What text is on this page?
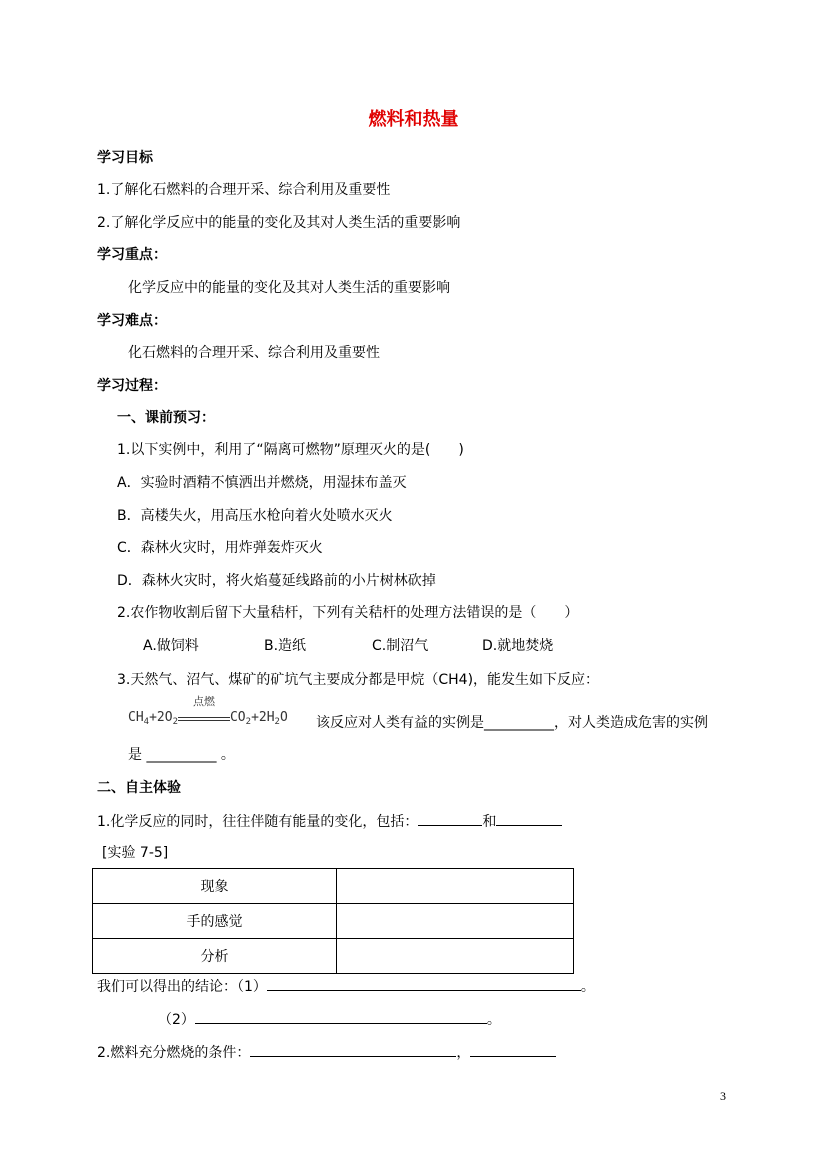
燃料和热量
学习目标
1.了解化石燃料的合理开采、综合利用及重要性
2.了解化学反应中的能量的变化及其对人类生活的重要影响
学习重点：
化学反应中的能量的变化及其对人类生活的重要影响
学习难点：
化石燃料的合理开采、综合利用及重要性
学习过程：
一、课前预习：
1.以下实例中，利用了“隔离可燃物”原理灭火的是(　　)
A．实验时酒精不慎洒出并燃烧，用湿抹布盖灭
B．高楼失火，用高压水枪向着火处喷水灭火
C．森林火灾时，用炸弹轰炸灭火
D．森林火灾时，将火焰蔓延线路前的小片树林砍掉
2.农作物收割后留下大量秸杆，下列有关秸杆的处理方法错误的是（　　）
A.做饲料	B.造纸	C.制沼气	D.就地焚烧
3.天然气、沼气、煤矿的矿坑气主要成分都是甲烷（CH4)，能发生如下反应：
$CH_4+2O_2$
点燃
$CO_2+2H_2O$ 该反应对人类有益的实例是__________，对人类造成危害的实例
是 __________ 。
二、自主体验
1.化学反应的同时，往往伴随有能量的变化，包括：	和
[实验 7-5]
现象	
手的感觉	
分析	
我们可以得出的结论：（1）	。
（2）	。
2.燃料充分燃烧的条件：	，
3
